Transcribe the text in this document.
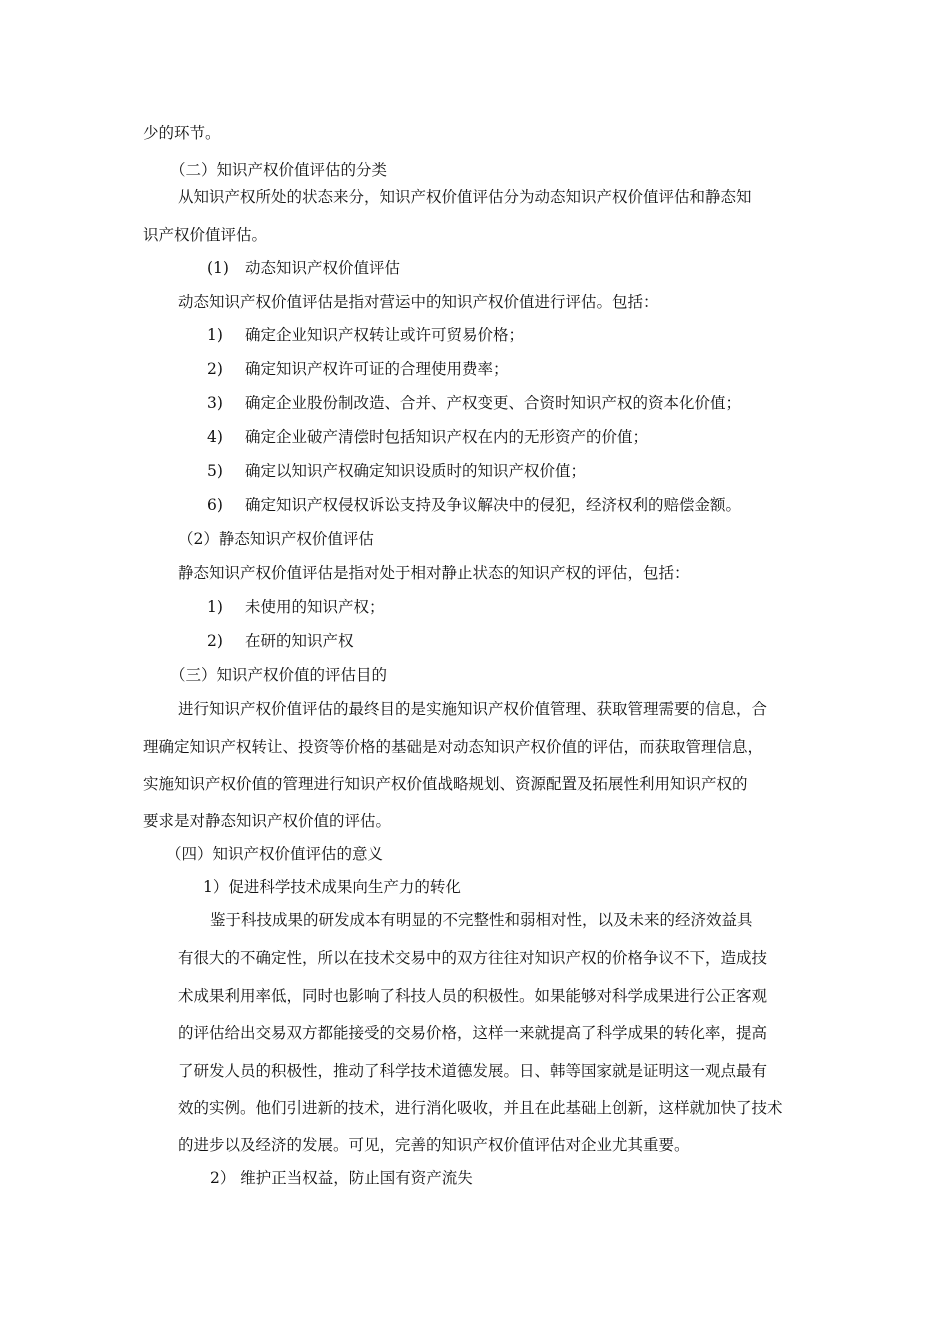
少的环节。
（二）知识产权价值评估的分类
从知识产权所处的状态来分，知识产权价值评估分为动态知识产权价值评估和静态知
识产权价值评估。
(1) 动态知识产权价值评估
动态知识产权价值评估是指对营运中的知识产权价值进行评估。包括：
1) 确定企业知识产权转让或许可贸易价格；
2) 确定知识产权许可证的合理使用费率；
3) 确定企业股份制改造、合并、产权变更、合资时知识产权的资本化价值；
4) 确定企业破产清偿时包括知识产权在内的无形资产的价值；
5) 确定以知识产权确定知识设质时的知识产权价值；
6) 确定知识产权侵权诉讼支持及争议解决中的侵犯，经济权利的赔偿金额。
（2）静态知识产权价值评估
静态知识产权价值评估是指对处于相对静止状态的知识产权的评估，包括：
1) 未使用的知识产权；
2) 在研的知识产权
（三）知识产权价值的评估目的
进行知识产权价值评估的最终目的是实施知识产权价值管理、获取管理需要的信息，合
理确定知识产权转让、投资等价格的基础是对动态知识产权价值的评估，而获取管理信息，
实施知识产权价值的管理进行知识产权价值战略规划、资源配置及拓展性利用知识产权的
要求是对静态知识产权价值的评估。
（四）知识产权价值评估的意义
1）促进科学技术成果向生产力的转化
鉴于科技成果的研发成本有明显的不完整性和弱相对性，以及未来的经济效益具
有很大的不确定性，所以在技术交易中的双方往往对知识产权的价格争议不下，造成技
术成果利用率低，同时也影响了科技人员的积极性。如果能够对科学成果进行公正客观
的评估给出交易双方都能接受的交易价格，这样一来就提高了科学成果的转化率，提高
了研发人员的积极性，推动了科学技术道德发展。日、韩等国家就是证明这一观点最有
效的实例。他们引进新的技术，进行消化吸收，并且在此基础上创新，这样就加快了技术
的进步以及经济的发展。可见，完善的知识产权价值评估对企业尤其重要。
2） 维护正当权益，防止国有资产流失
